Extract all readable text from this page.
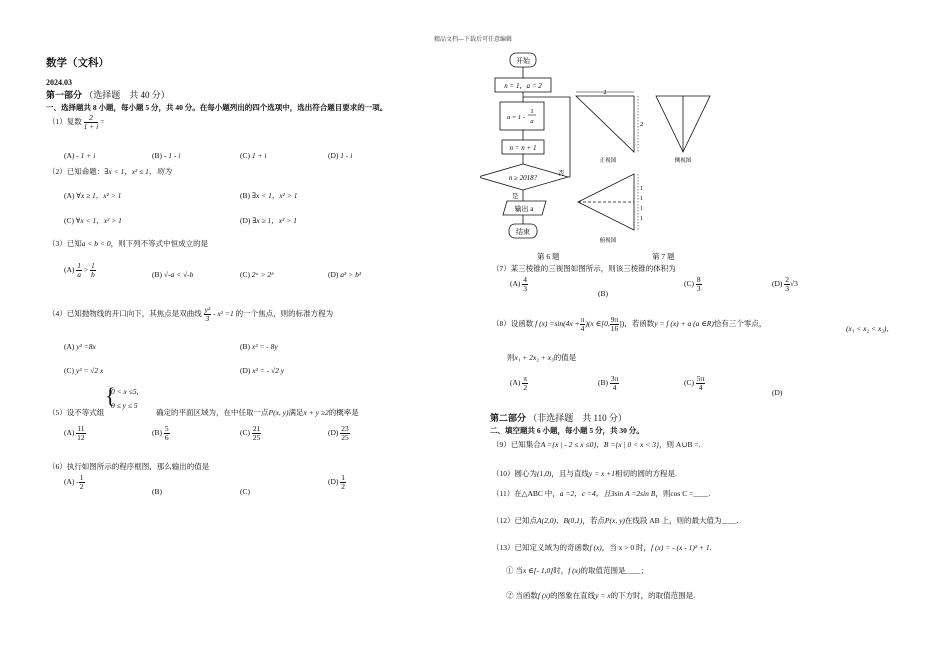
精品文档---下载后可任意编辑
数学（文科）
2024.03
第一部分 （选择题　共 40 分）
一、选择题共 8 小题，每小题 5 分，共 40 分。在每小题列出的四个选项中，选出符合题目要求的一项。
（1）复数 $\frac{2}{1 + i}$ =
(A) - 1 + i	(B) - 1 - i	(C) 1 + i	(D) 1 - i
（2）已知命题：∃x < 1，x² ≤ 1，则为
(A) ∀x ≥ 1，x² > 1	(B) ∃x < 1，x² > 1
(C) ∀x < 1，x² > 1	(D) ∃x ≥ 1，x² > 1
（3）已知a < b < 0，则下列不等式中恒成立的是
$(A) \frac{1}{a} > \frac{1}{b}$	(B) √-a < √-b	(C) 2ᵃ > 2ᵇ	(D) a³ > b³
（4）已知抛物线的开口向下，其焦点是双曲线 $\frac{\text{y²}}{3} - x^2 =1$ 的一个焦点，则的标准方程为
(A) y² =8x	(B) x² = - 8y
(C) y² = √2 x	(D) x² = - √2 y
0 < x ≤5,
{
0 ≤ y ≤ 5
（5）设不等式组	确定的平面区域为，在中任取一点P(x, y)满足x + y ≥2的概率是
$(A) \frac{11}{12}$	$(B) \frac{5}{6}$	$(C) \frac{21}{25}$	$(D) \frac{23}{25}$
（6）执行如图所示的程序框图，那么输出的值是
$(A) - \frac{1}{2}$
(B)	(C)
$(D) \frac{1}{2}$
开始
n = 1，a = 2
a = 1 -
1
a
n = n + 1
n ≥ 2018?
否
是
输出 a
结束
2
2
正视图	侧视图
1
1
1
1
俯视图
第 6 题	第 7 题
（7）某三棱锥的三视图如图所示，则该三棱锥的体积为
$(A) \frac{4}{3}$
(B)
$(C) \frac{8}{3}$	$(D) \frac{2}{3} √3$
（8）设函数 f $(x) =\sin(4x + \frac{\pi}{4} )(x$ ∈[0, $\frac{9\pi}{16}$ ])，若函数y = f (x) + a (a ∈R)恰有三个零点，
(x₁ < x₂ < x₃)，
则x₁ + 2x₂ + x₃的值是
$(A) \frac{\pi}{2}$	$(B) \frac{3\pi}{4}$	$(C) \frac{5\pi}{4}$
(D)
第二部分 （非选择题　共 110 分）
二、填空题共 6 小题，每小题 5 分，共 30 分。
（9）已知集合A ={x | - 2 ≤ x ≤0}，B ={x | 0 < x < 3}，则 A∪B =.
（10）圆心为(1,0)，且与直线y = x +1相切的圆的方程是.
（11）在△ABC 中，a =2，c =4，且3sin A =2sin B，则cos C =____.
（12）已知点A(2,0)，B(0,1)，若点P(x, y)在线段 AB 上，则的最大值为____.
（13）已知定义域为的奇函数f (x)，当 x > 0 时，f (x) = - (x - 1)² + 1.
① 当x ∈[- 1,0]时，f (x)的取值范围是____；
② 当函数f (x)的图象在直线y = x的下方时，的取值范围是.
